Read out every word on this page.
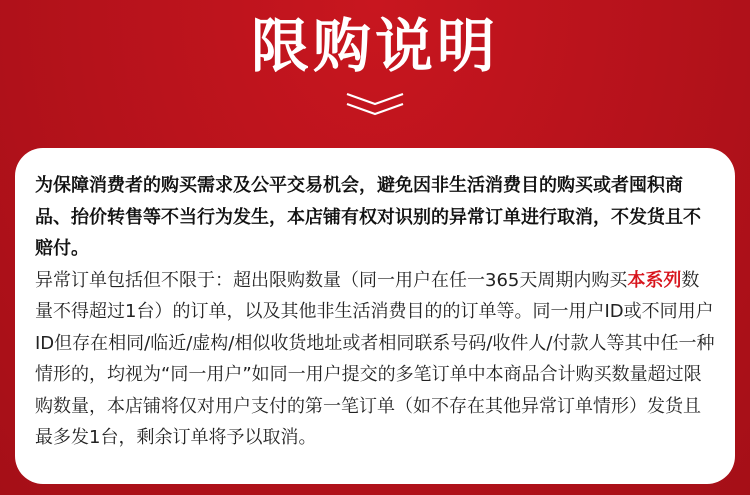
限购说明

为保障消费者的购买需求及公平交易机会，避免因非生活消费目的购买或者囤积商品、抬价转售等不当行为发生，本店铺有权对识别的异常订单进行取消，不发货且不赔付。

异常订单包括但不限于：超出限购数量（同一用户在任一365天周期内购买本系列数量不得超过1台）的订单，以及其他非生活消费目的的订单等。同一用户ID或不同用户ID但存在相同/临近/虚构/相似收货地址或者相同联系号码/收件人/付款人等其中任一种情形的，均视为“同一用户”如同一用户提交的多笔订单中本商品合计购买数量超过限购数量，本店铺将仅对用户支付的第一笔订单（如不存在其他异常订单情形）发货且最多发1台，剩余订单将予以取消。
